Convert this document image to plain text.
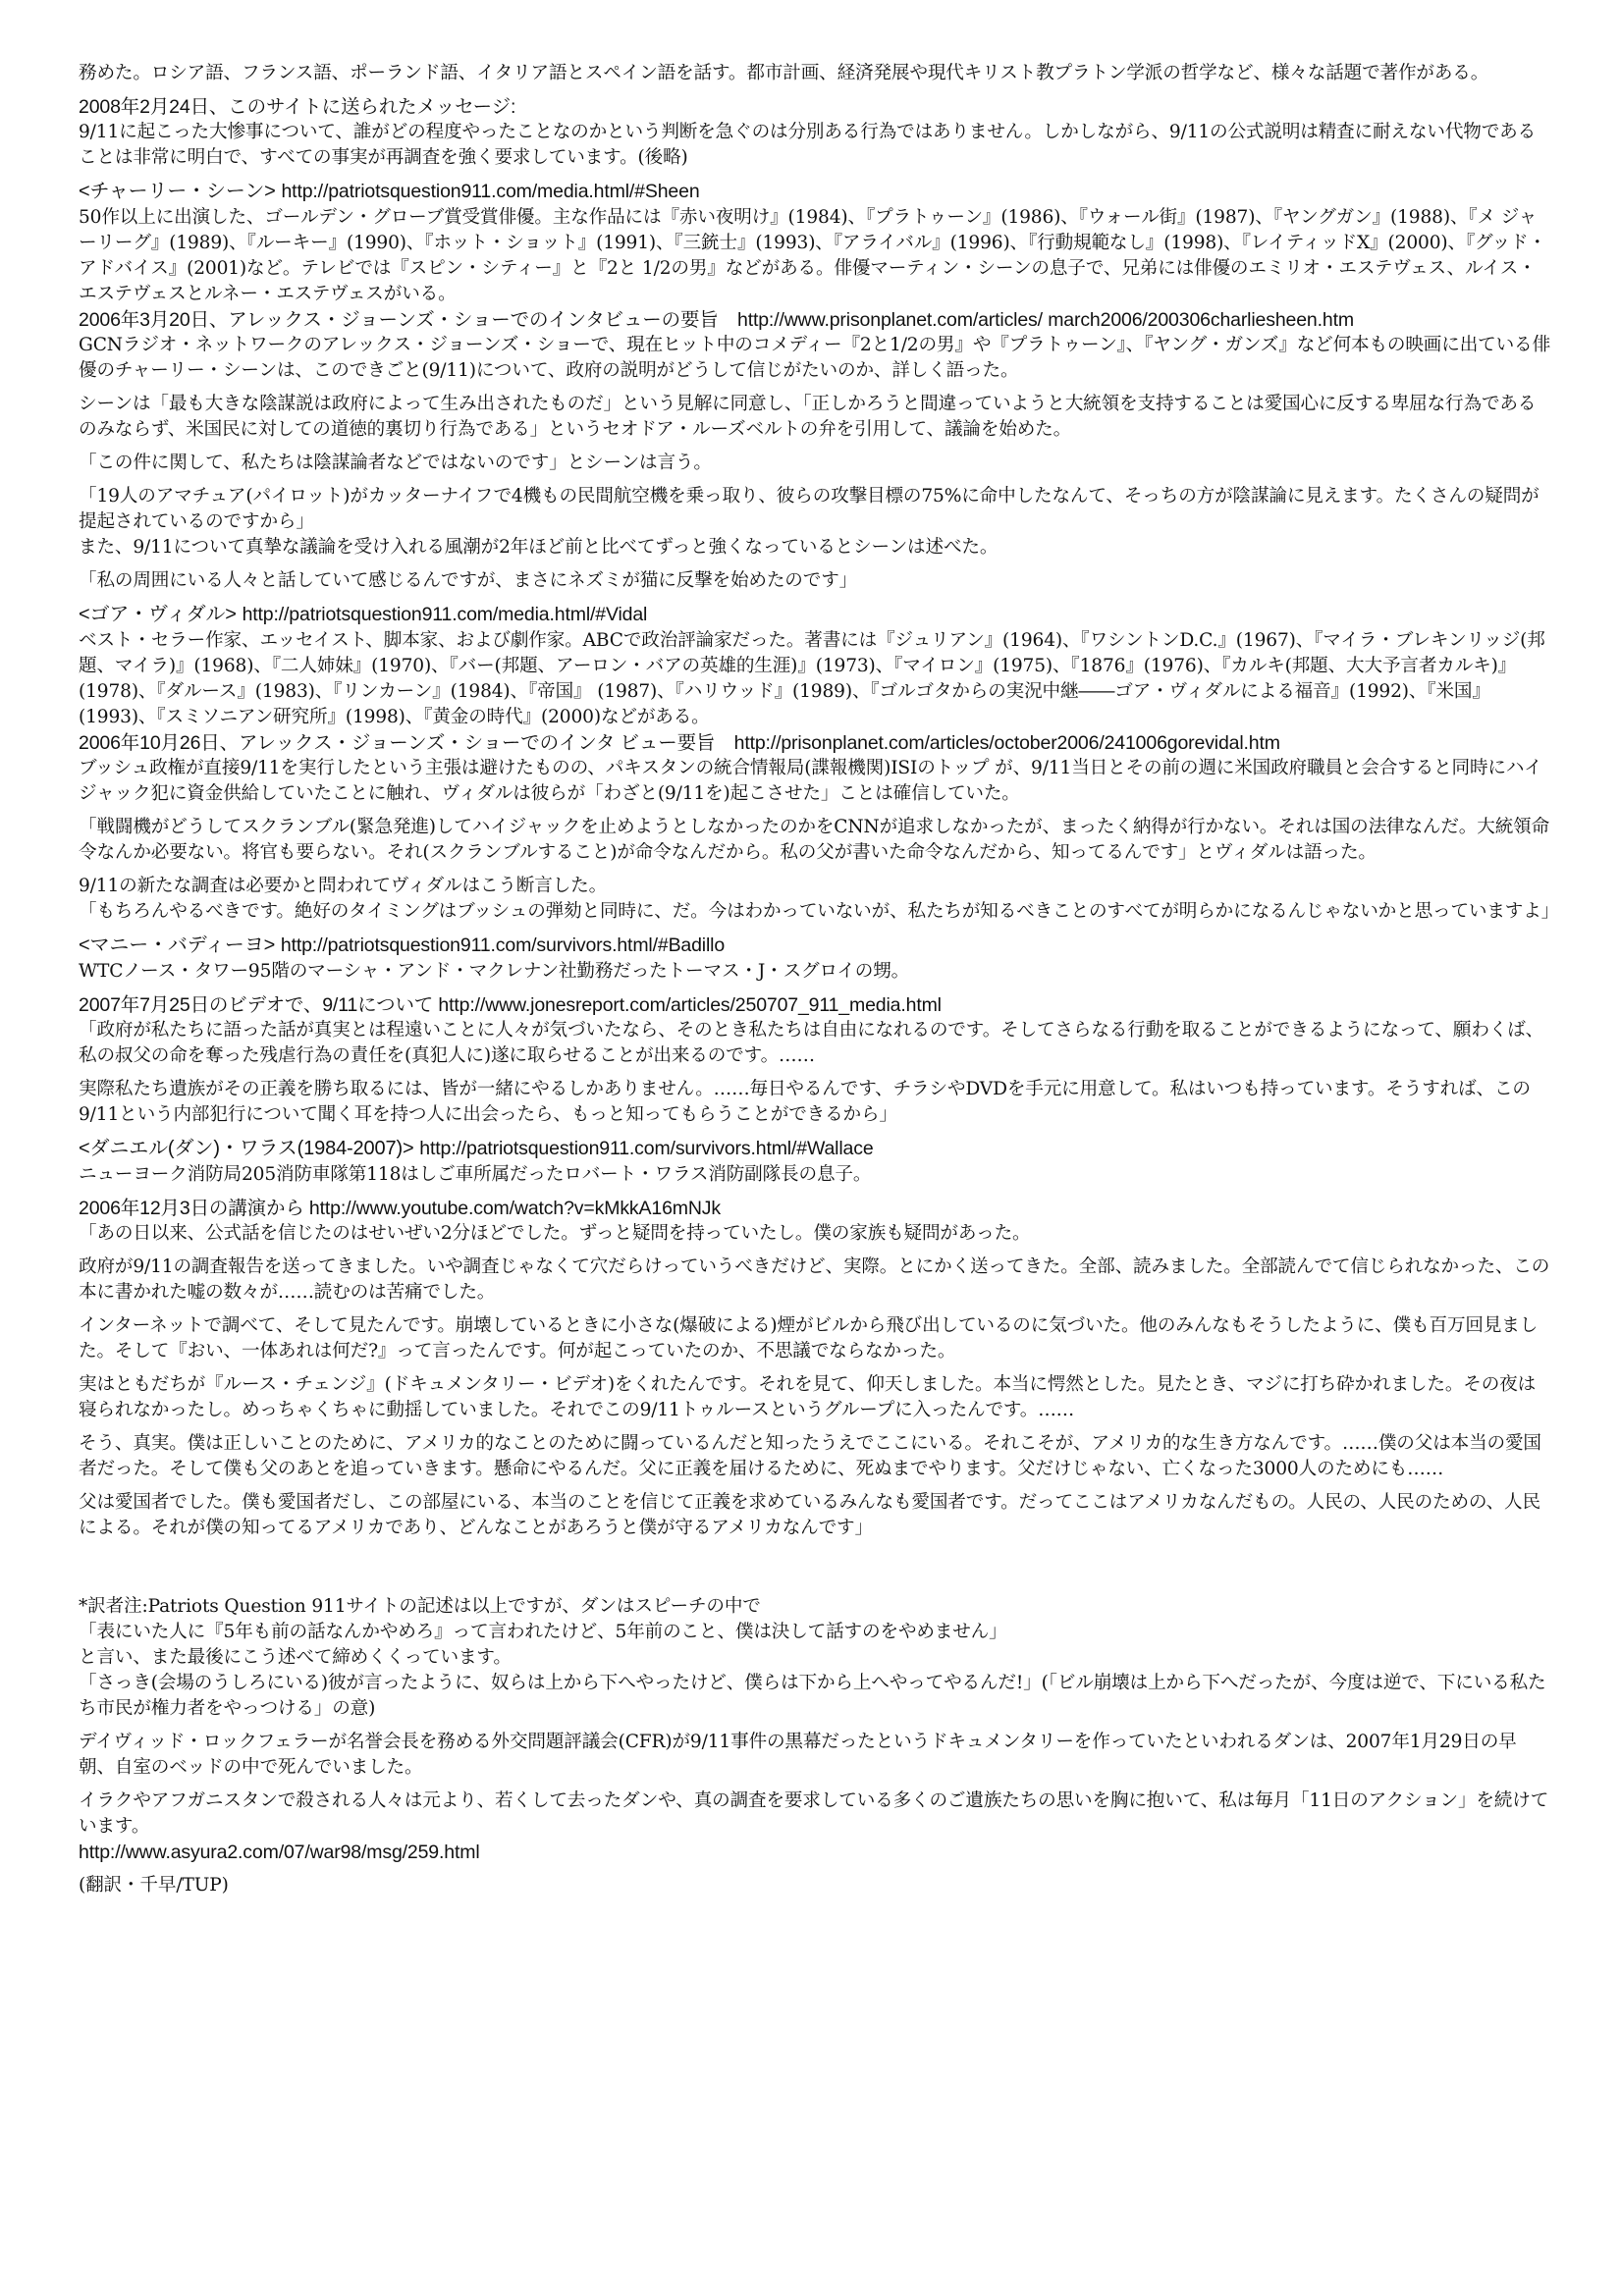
務めた。ロシア語、フランス語、ポーランド語、イタリア語とスペイン語を話す。都市計画、経済発展や現代キリスト教プラトン学派の哲学など、様々な話題で著作がある。

2008年2月24日、このサイトに送られたメッセージ:

9/11に起こった大惨事について、誰がどの程度やったことなのかという判断を急ぐのは分別ある行為ではありません。しかしながら、9/11の公式説明は精査に耐えない代物であることは非常に明白で、すべての事実が再調査を強く要求しています。(後略)

<チャーリー・シーン> http://patriotsquestion911.com/media.html/#Sheen

50作以上に出演した、ゴールデン・グローブ賞受賞俳優。主な作品には『赤い夜明け』(1984)、『プラトゥーン』(1986)、『ウォール街』(1987)、『ヤングガン』(1988)、『メ ジャーリーグ』(1989)、『ルーキー』(1990)、『ホット・ショット』(1991)、『三銃士』(1993)、『アライバル』(1996)、『行動規範なし』(1998)、『レイティッドX』(2000)、『グッド・アドバイス』(2001)など。テレビでは『スピン・シティー』と『2と 1/2の男』などがある。俳優マーティン・シーンの息子で、兄弟には俳優のエミリオ・エステヴェス、ルイス・エステヴェスとルネー・エステヴェスがいる。

2006年3月20日、アレックス・ジョーンズ・ショーでのインタビューの要旨　http://www.prisonplanet.com/articles/ march2006/200306charliesheen.htm

GCNラジオ・ネットワークのアレックス・ジョーンズ・ショーで、現在ヒット中のコメディー『2と1/2の男』や『プラトゥーン』、『ヤング・ガンズ』など何本もの映画に出ている俳優のチャーリー・シーンは、このできごと(9/11)について、政府の説明がどうして信じがたいのか、詳しく語った。

シーンは「最も大きな陰謀説は政府によって生み出されたものだ」という見解に同意し、「正しかろうと間違っていようと大統領を支持することは愛国心に反する卑屈な行為であるのみならず、米国民に対しての道徳的裏切り行為である」というセオドア・ルーズベルトの弁を引用して、議論を始めた。

「この件に関して、私たちは陰謀論者などではないのです」とシーンは言う。

「19人のアマチュア(パイロット)がカッターナイフで4機もの民間航空機を乗っ取り、彼らの攻撃目標の75%に命中したなんて、そっちの方が陰謀論に見えます。たくさんの疑問が提起されているのですから」

また、9/11について真摯な議論を受け入れる風潮が2年ほど前と比べてずっと強くなっているとシーンは述べた。

「私の周囲にいる人々と話していて感じるんですが、まさにネズミが猫に反撃を始めたのです」

<ゴア・ヴィダル> http://patriotsquestion911.com/media.html/#Vidal

ベスト・セラー作家、エッセイスト、脚本家、および劇作家。ABCで政治評論家だった。著書には『ジュリアン』(1964)、『ワシントンD.C.』(1967)、『マイラ・ブレキンリッジ(邦題、マイラ)』(1968)、『二人姉妹』(1970)、『バー(邦題、アーロン・バアの英雄的生涯)』(1973)、『マイロン』(1975)、『1876』(1976)、『カルキ(邦題、大大予言者カルキ)』(1978)、『ダルース』(1983)、『リンカーン』(1984)、『帝国』 (1987)、『ハリウッド』(1989)、『ゴルゴタからの実況中継――ゴア・ヴィダルによる福音』(1992)、『米国』(1993)、『スミソニアン研究所』(1998)、『黄金の時代』(2000)などがある。

2006年10月26日、アレックス・ジョーンズ・ショーでのインタ ビュー要旨　http://prisonplanet.com/articles/october2006/241006gorevidal.htm

ブッシュ政権が直接9/11を実行したという主張は避けたものの、パキスタンの統合情報局(諜報機関)ISIのトップ が、9/11当日とその前の週に米国政府職員と会合すると同時にハイジャック犯に資金供給していたことに触れ、ヴィダルは彼らが「わざと(9/11を)起こさせた」ことは確信していた。

「戦闘機がどうしてスクランブル(緊急発進)してハイジャックを止めようとしなかったのかをCNNが追求しなかったが、まったく納得が行かない。それは国の法律なんだ。大統領命令なんか必要ない。将官も要らない。それ(スクランブルすること)が命令なんだから。私の父が書いた命令なんだから、知ってるんです」とヴィダルは語った。

9/11の新たな調査は必要かと問われてヴィダルはこう断言した。

「もちろんやるべきです。絶好のタイミングはブッシュの弾劾と同時に、だ。今はわかっていないが、私たちが知るべきことのすべてが明らかになるんじゃないかと思っていますよ」

<マニー・バディーヨ> http://patriotsquestion911.com/survivors.html/#Badillo

WTCノース・タワー95階のマーシャ・アンド・マクレナン社勤務だったトーマス・J・スグロイの甥。

2007年7月25日のビデオで、9/11について http://www.jonesreport.com/articles/250707_911_media.html

「政府が私たちに語った話が真実とは程遠いことに人々が気づいたなら、そのとき私たちは自由になれるのです。そしてさらなる行動を取ることができるようになって、願わくば、私の叔父の命を奪った残虐行為の責任を(真犯人に)遂に取らせることが出来るのです。……

実際私たち遺族がその正義を勝ち取るには、皆が一緒にやるしかありません。……毎日やるんです、チラシやDVDを手元に用意して。私はいつも持っています。そうすれば、この9/11という内部犯行について聞く耳を持つ人に出会ったら、もっと知ってもらうことができるから」

<ダニエル(ダン)・ワラス(1984-2007)> http://patriotsquestion911.com/survivors.html/#Wallace

ニューヨーク消防局205消防車隊第118はしご車所属だったロバート・ワラス消防副隊長の息子。

2006年12月3日の講演から http://www.youtube.com/watch?v=kMkkA16mNJk

「あの日以来、公式話を信じたのはせいぜい2分ほどでした。ずっと疑問を持っていたし。僕の家族も疑問があった。

政府が9/11の調査報告を送ってきました。いや調査じゃなくて穴だらけっていうべきだけど、実際。とにかく送ってきた。全部、読みました。全部読んでて信じられなかった、この本に書かれた嘘の数々が……読むのは苦痛でした。

インターネットで調べて、そして見たんです。崩壊しているときに小さな(爆破による)煙がビルから飛び出しているのに気づいた。他のみんなもそうしたように、僕も百万回見ました。そして『おい、一体あれは何だ?』って言ったんです。何が起こっていたのか、不思議でならなかった。

実はともだちが『ルース・チェンジ』(ドキュメンタリー・ビデオ)をくれたんです。それを見て、仰天しました。本当に愕然とした。見たとき、マジに打ち砕かれました。その夜は寝られなかったし。めっちゃくちゃに動揺していました。それでこの9/11トゥルースというグループに入ったんです。……

そう、真実。僕は正しいことのために、アメリカ的なことのために闘っているんだと知ったうえでここにいる。それこそが、アメリカ的な生き方なんです。……僕の父は本当の愛国者だった。そして僕も父のあとを追っていきます。懸命にやるんだ。父に正義を届けるために、死ぬまでやります。父だけじゃない、亡くなった3000人のためにも……

父は愛国者でした。僕も愛国者だし、この部屋にいる、本当のことを信じて正義を求めているみんなも愛国者です。だってここはアメリカなんだもの。人民の、人民のための、人民による。それが僕の知ってるアメリカであり、どんなことがあろうと僕が守るアメリカなんです」

*訳者注:Patriots Question 911サイトの記述は以上ですが、ダンはスピーチの中で

「表にいた人に『5年も前の話なんかやめろ』って言われたけど、5年前のこと、僕は決して話すのをやめません」

と言い、また最後にこう述べて締めくくっています。

「さっき(会場のうしろにいる)彼が言ったように、奴らは上から下へやったけど、僕らは下から上へやってやるんだ!」(「ビル崩壊は上から下へだったが、今度は逆で、下にいる私たち市民が権力者をやっつける」の意)

デイヴィッド・ロックフェラーが名誉会長を務める外交問題評議会(CFR)が9/11事件の黒幕だったというドキュメンタリーを作っていたといわれるダンは、2007年1月29日の早朝、自室のベッドの中で死んでいました。

イラクやアフガニスタンで殺される人々は元より、若くして去ったダンや、真の調査を要求している多くのご遺族たちの思いを胸に抱いて、私は毎月「11日のアクション」を続けています。

http://www.asyura2.com/07/war98/msg/259.html

(翻訳・千早/TUP)
